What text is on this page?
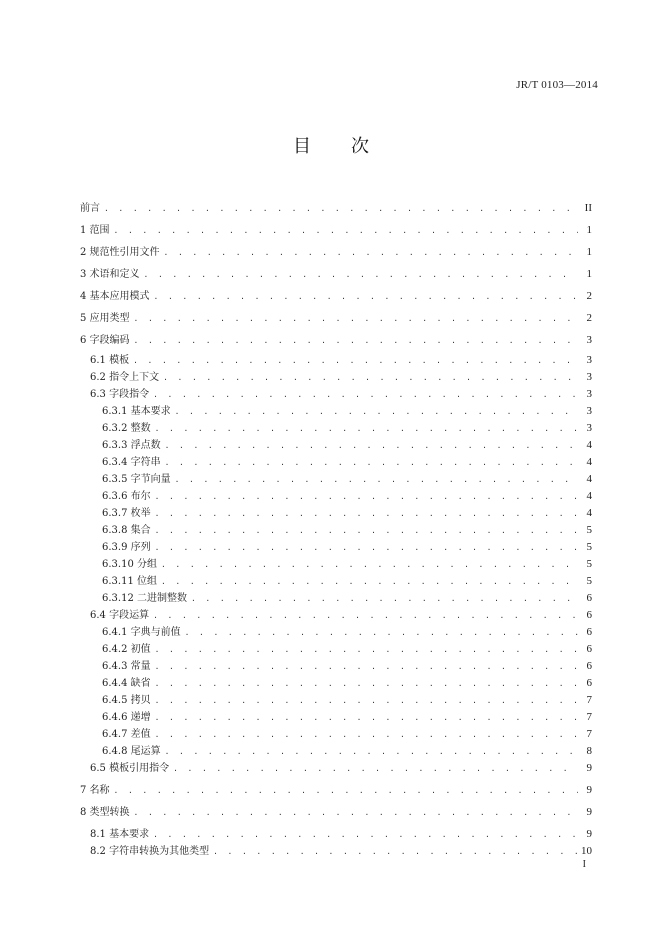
JR/T 0103—2014
目 次
前言 . . .	II
1 范围 . . .	1
2 规范性引用文件 . . .	1
3 术语和定义 . . .	1
4 基本应用模式 . . .	2
5 应用类型 . . .	2
6 字段编码 . . .	3
6.1 模板 . . .	3
6.2 指令上下文 . . .	3
6.3 字段指令 . . .	3
6.3.1 基本要求 . . .	3
6.3.2 整数 . . .	3
6.3.3 浮点数 . . .	4
6.3.4 字符串 . . .	4
6.3.5 字节向量 . . .	4
6.3.6 布尔 . . .	4
6.3.7 枚举 . . .	4
6.3.8 集合 . . .	5
6.3.9 序列 . . .	5
6.3.10 分组 . . .	5
6.3.11 位组 . . .	5
6.3.12 二进制整数 . . .	6
6.4 字段运算 . . .	6
6.4.1 字典与前值 . . .	6
6.4.2 初值 . . .	6
6.4.3 常量 . . .	6
6.4.4 缺省 . . .	6
6.4.5 拷贝 . . .	7
6.4.6 递增 . . .	7
6.4.7 差值 . . .	7
6.4.8 尾运算 . . .	8
6.5 模板引用指令 . . .	9
7 名称 . . .	9
8 类型转换 . . .	9
8.1 基本要求 . . .	9
8.2 字符串转换为其他类型 . . .	10
I
